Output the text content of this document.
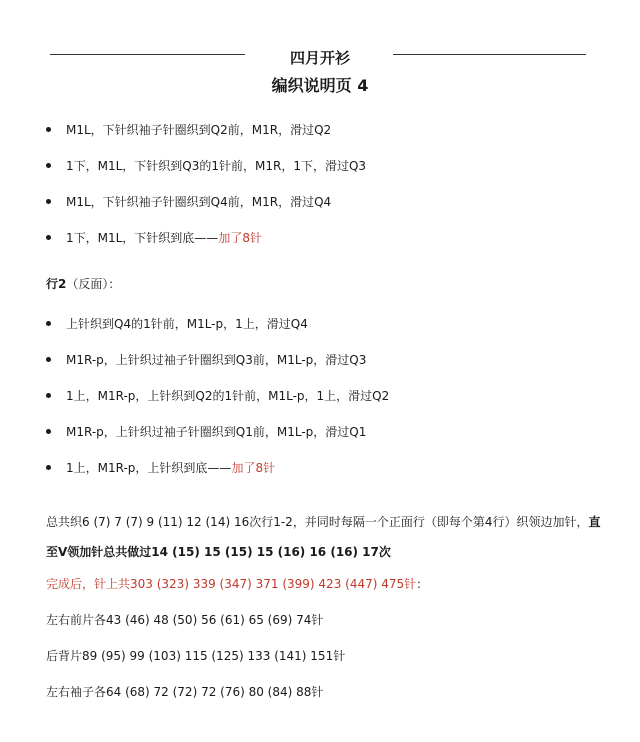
四月开衫
编织说明页 4
M1L，下针织袖子针圈织到Q2前，M1R，滑过Q2
1下，M1L，下针织到Q3的1针前，M1R，1下，滑过Q3
M1L，下针织袖子针圈织到Q4前，M1R，滑过Q4
1下，M1L，下针织到底——加了8针
行2（反面）：
上针织到Q4的1针前，M1L-p，1上，滑过Q4
M1R-p，上针织过袖子针圈织到Q3前，M1L-p，滑过Q3
1上，M1R-p，上针织到Q2的1针前，M1L-p，1上，滑过Q2
M1R-p，上针织过袖子针圈织到Q1前，M1L-p，滑过Q1
1上，M1R-p，上针织到底——加了8针
总共织6 (7) 7 (7) 9 (11) 12 (14) 16次行1-2，并同时每隔一个正面行（即每个第4行）织领边加针，直至V领加针总共做过14 (15) 15 (15) 15 (16) 16 (16) 17次
完成后，针上共303 (323) 339 (347) 371 (399) 423 (447) 475针：
左右前片各43 (46) 48 (50) 56 (61) 65 (69) 74针
后背片89 (95) 99 (103) 115 (125) 133 (141) 151针
左右袖子各64 (68) 72 (72) 72 (76) 80 (84) 88针
